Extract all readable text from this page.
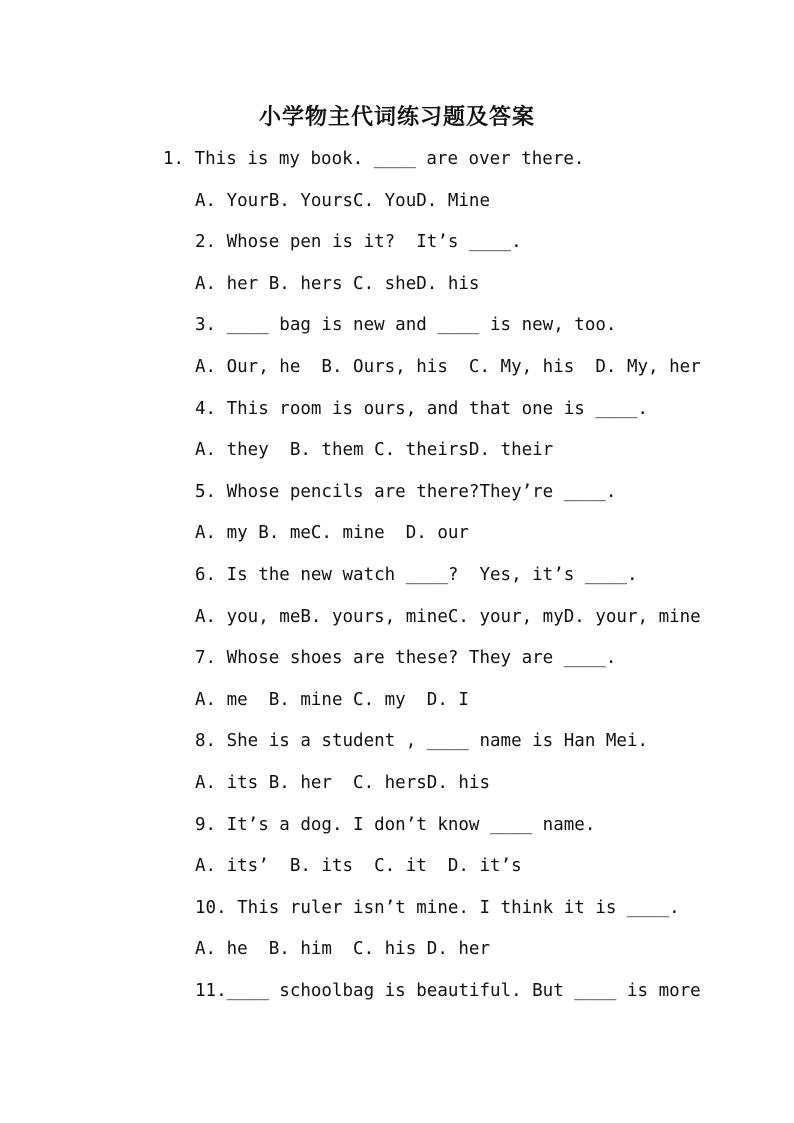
小学物主代词练习题及答案
1. This is my book. ____ are over there.
A. YourB. YoursC. YouD. Mine
2. Whose pen is it?  It’s ____.
A. her B. hers C. sheD. his
3. ____ bag is new and ____ is new, too.
A. Our, he  B. Ours, his  C. My, his  D. My, her
4. This room is ours, and that one is ____.
A. they  B. them C. theirsD. their
5. Whose pencils are there?They’re ____.
A. my B. meC. mine  D. our
6. Is the new watch ____?  Yes, it’s ____.
A. you, meB. yours, mineC. your, myD. your, mine
7. Whose shoes are these? They are ____.
A. me  B. mine C. my  D. I
8. She is a student , ____ name is Han Mei.
A. its B. her  C. hersD. his
9. It’s a dog. I don’t know ____ name.
A. its’  B. its  C. it  D. it’s
10. This ruler isn’t mine. I think it is ____.
A. he  B. him  C. his D. her
11.____ schoolbag is beautiful. But ____ is more
